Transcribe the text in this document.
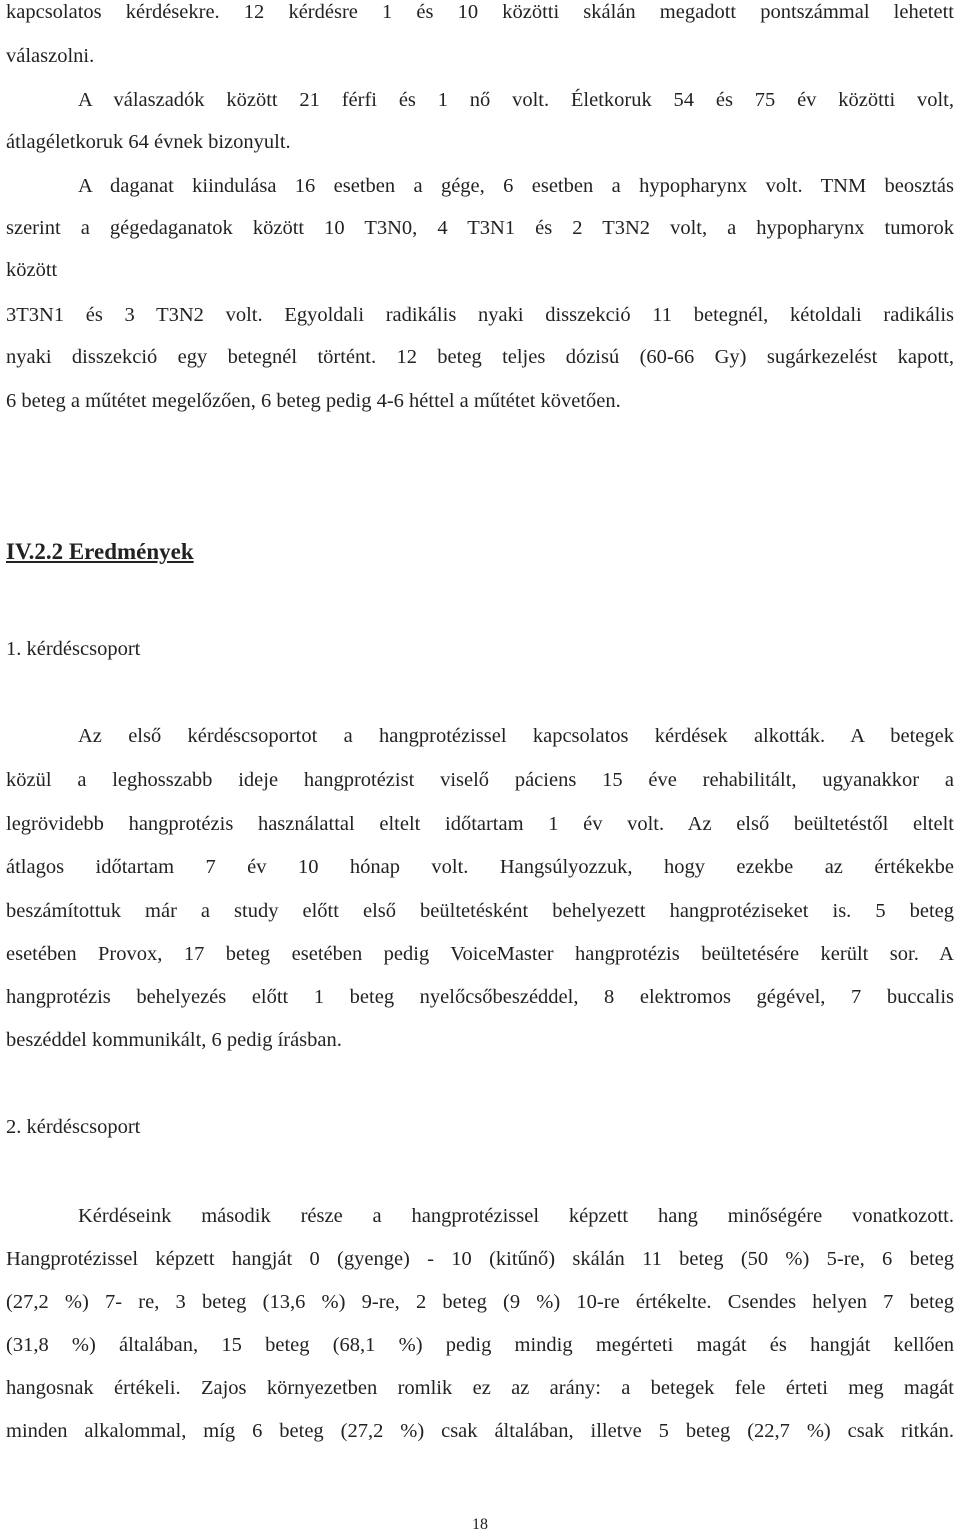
kapcsolatos kérdésekre. 12 kérdésre 1 és 10 közötti skálán megadott pontszámmal lehetett

válaszolni.

A válaszadók között 21 férfi és 1 nő volt. Életkoruk 54 és 75 év közötti volt,

átlagéletkoruk 64 évnek bizonyult.

A daganat kiindulása 16 esetben a gége, 6 esetben a hypopharynx volt. TNM beosztás

szerint a gégedaganatok között 10 T3N0, 4 T3N1 és 2 T3N2 volt, a hypopharynx tumorok

között

3T3N1 és 3 T3N2 volt. Egyoldali radikális nyaki disszekció 11 betegnél, kétoldali radikális

nyaki disszekció egy betegnél történt. 12 beteg teljes dózisú (60-66 Gy) sugárkezelést kapott,

6 beteg a műtétet megelőzően, 6 beteg pedig 4-6 héttel a műtétet követően.

IV.2.2 Eredmények

1. kérdéscsoport

Az első kérdéscsoportot a hangprotézissel kapcsolatos kérdések alkották. A betegek

közül a leghosszabb ideje hangprotézist viselő páciens 15 éve rehabilitált, ugyanakkor a

legrövidebb hangprotézis használattal eltelt időtartam 1 év volt. Az első beültetéstől eltelt

átlagos időtartam 7 év 10 hónap volt. Hangsúlyozzuk, hogy ezekbe az értékekbe

beszámítottuk már a study előtt első beültetésként behelyezett hangprotéziseket is. 5 beteg

esetében Provox, 17 beteg esetében pedig VoiceMaster hangprotézis beültetésére került sor. A

hangprotézis behelyezés előtt 1 beteg nyelőcsőbeszéddel, 8 elektromos gégével, 7 buccalis

beszéddel kommunikált, 6 pedig írásban.

2. kérdéscsoport

Kérdéseink második része a hangprotézissel képzett hang minőségére vonatkozott.

Hangprotézissel képzett hangját 0 (gyenge) - 10 (kitűnő) skálán 11 beteg (50 %) 5-re, 6 beteg

(27,2 %) 7- re, 3 beteg (13,6 %) 9-re, 2 beteg (9 %) 10-re értékelte. Csendes helyen 7 beteg

(31,8 %) általában, 15 beteg (68,1 %) pedig mindig megérteti magát és hangját kellően

hangosnak értékeli. Zajos környezetben romlik ez az arány: a betegek fele érteti meg magát

minden alkalommal, míg 6 beteg (27,2 %) csak általában, illetve 5 beteg (22,7 %) csak ritkán.

18
